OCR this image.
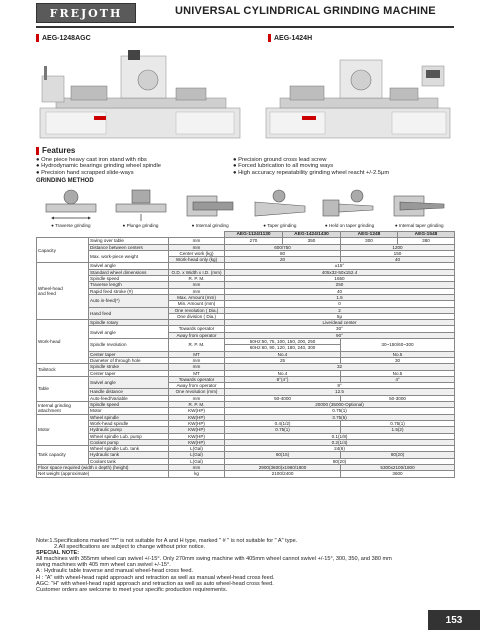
FREJOTH	UNIVERSAL CYLINDRICAL GRINDING MACHINE
AEG-1248AGC	AEG-1424H
Features
● One piece heavy cast iron stand with ribs
● Hydrodynamic bearings grinding wheel spindle
● Precision hand scrapped slide-ways
● Precision ground cross lead screw
● Forced lubrication to all moving ways
● High accuracy repeatability grinding wheel reacht +/-2.5μm
GRINDING METHOD
● Traverse grinding	● Plunge grinding	● Internal grinding	● Taper grinding	● Held on taper grinding	● Internal taper grinding
			AEG-1124/1130	AEG-1424/1430	AEG-1248	AEG-1548
Capacity	Swing over table	mm	270	350	300	380
	Distance between centers	mm	600/750		1200	
	Max. work-piece weight	Center work (kg)	80		150	
		Work-head only (kg)	20		40	
Wheel-head
and feed	Swivel angle		±15°			
	Standard wheel dimensions	O.D. x Width x I.D. (mm)	405x32-50x152.4			
	Spindle speed	R. P. M.	1650			
	Traverse length	mm	250			
	Rapid feed stroke (#)	mm	40			
	Auto in-feed(*)	Max. Amount (mm)	1.5			
		Min. Amount (mm)	0			
	Hand feed	One revolution ( Dia.)	2			
		One division ( Dia.)	5μ			
Work-head	Spindle rotary		Live/dead center			
	Swivel angle	Towards operator	30°			
		Away from operator	90°			
	Spindle revolution	R. P. M.	50Hz:50, 75, 100, 150, 200, 250		30~150/60~300	
			60Hz:60, 90, 120, 180, 240, 300			
	Center taper	MT	No.4		No.5	
	Diameter of through hole	mm	25		30	
Tailstock	Spindle stroke	mm	32			
	Center taper	MT	No.4		No.5	
Table	Swivel angle	Towards operator	8°(4°)		4°	
		Away from operator	9°			
	Handle distance	One revolution (mm)	12.5			
	Auto-feed/Variable	mm	50-4000		50-3000	
Internal grinding
attachment	Spindle speed	R. P. M.	20000 (35000-Optional)			
	Motor	KW(HP)	0.75(1)			
Motor	Wheel spindle	KW(HP)	3.75(5)			
	Work-head spindle	KW(HP)	0.4(1/2)		0.75(1)	
	Hydraulic pump	KW(HP)	0.75(1)		1.5(2)	
	Wheel spindle Lub. pump	KW(HP)	0.1(1/8)			
	Coolant pump	KW(HP)	0.2(1/4)			
Tank capacity	Wheel spindle Lub. tank	L(Gal)	24(6)			
	Hydraulic tank	L(Gal)	60(15)		80(20)	
	Coolant tank	L(Gal)	80(20)			
Floor space required (width x depth) (height)		mm	2900(3600)x1980/1800		5300x2100/1800	
Net weight (approximate)		kg	2100/2400		3600	
Note:1.Specifications marked "**" is not suitable for A and H type, marked " # " is not suitable for " A" type.
2.All specifications are subject to change without prior notice.
SPECIAL NOTE:
All machines with 355mm wheel can swivel +/-15°. Only 270mm swing machine with 405mm wheel cannot swivel +/-15°, 300, 350, and 380 mm
swing machines with 405 mm wheel can swivel +/-15°.
A : Hydraulic table traverse and manual wheel-head cross feed.
H : "A" with wheel-head rapid approach and retraction as well as manual wheel-head cross feed.
AGC: "H" with wheel-head rapid approach and retraction as well as auto wheel-head cross feed.
Customer orders are welcome to meet your specific production requirements.
153
